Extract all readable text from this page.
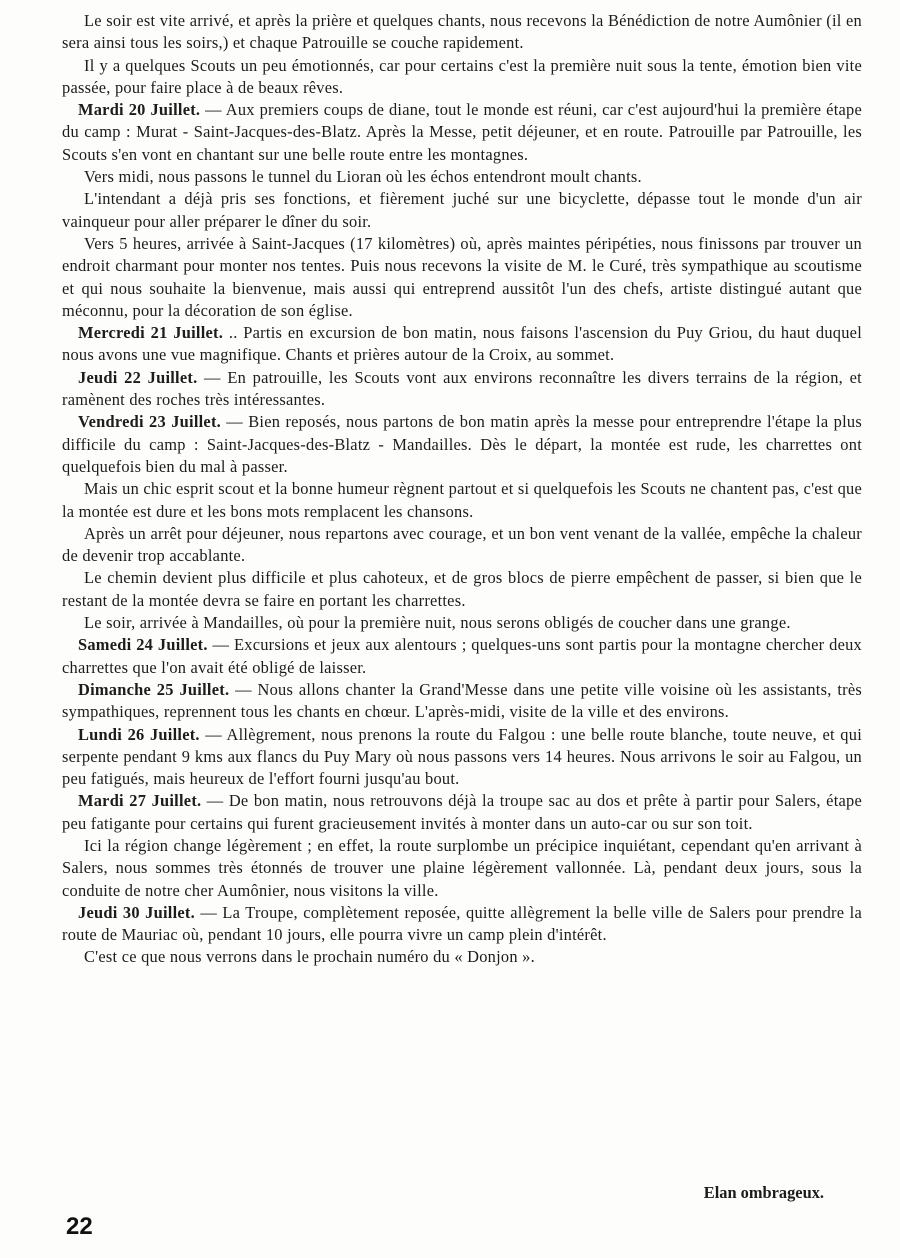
Le soir est vite arrivé, et après la prière et quelques chants, nous recevons la Bénédiction de notre Aumônier (il en sera ainsi tous les soirs,) et chaque Patrouille se couche rapidement.

Il y a quelques Scouts un peu émotionnés, car pour certains c'est la première nuit sous la tente, émotion bien vite passée, pour faire place à de beaux rêves.

Mardi 20 Juillet. — Aux premiers coups de diane, tout le monde est réuni, car c'est aujourd'hui la première étape du camp : Murat - Saint-Jacques-des-Blatz. Après la Messe, petit déjeuner, et en route. Patrouille par Patrouille, les Scouts s'en vont en chantant sur une belle route entre les montagnes.

Vers midi, nous passons le tunnel du Lioran où les échos entendront moult chants.

L'intendant a déjà pris ses fonctions, et fièrement juché sur une bicyclette, dépasse tout le monde d'un air vainqueur pour aller préparer le dîner du soir.

Vers 5 heures, arrivée à Saint-Jacques (17 kilomètres) où, après maintes péripéties, nous finissons par trouver un endroit charmant pour monter nos tentes. Puis nous recevons la visite de M. le Curé, très sympathique au scoutisme et qui nous souhaite la bienvenue, mais aussi qui entreprend aussitôt l'un des chefs, artiste distingué autant que méconnu, pour la décoration de son église.

Mercredi 21 Juillet. .. Partis en excursion de bon matin, nous faisons l'ascension du Puy Griou, du haut duquel nous avons une vue magnifique. Chants et prières autour de la Croix, au sommet.

Jeudi 22 Juillet. — En patrouille, les Scouts vont aux environs reconnaître les divers terrains de la région, et ramènent des roches très intéressantes.

Vendredi 23 Juillet. — Bien reposés, nous partons de bon matin après la messe pour entreprendre l'étape la plus difficile du camp : Saint-Jacques-des-Blatz - Mandailles. Dès le départ, la montée est rude, les charrettes ont quelquefois bien du mal à passer.

Mais un chic esprit scout et la bonne humeur règnent partout et si quelquefois les Scouts ne chantent pas, c'est que la montée est dure et les bons mots remplacent les chansons.

Après un arrêt pour déjeuner, nous repartons avec courage, et un bon vent venant de la vallée, empêche la chaleur de devenir trop accablante.

Le chemin devient plus difficile et plus cahoteux, et de gros blocs de pierre empêchent de passer, si bien que le restant de la montée devra se faire en portant les charrettes.

Le soir, arrivée à Mandailles, où pour la première nuit, nous serons obligés de coucher dans une grange.

Samedi 24 Juillet. — Excursions et jeux aux alentours ; quelques-uns sont partis pour la montagne chercher deux charrettes que l'on avait été obligé de laisser.

Dimanche 25 Juillet. — Nous allons chanter la Grand'Messe dans une petite ville voisine où les assistants, très sympathiques, reprennent tous les chants en chœur. L'après-midi, visite de la ville et des environs.

Lundi 26 Juillet. — Allègrement, nous prenons la route du Falgou : une belle route blanche, toute neuve, et qui serpente pendant 9 kms aux flancs du Puy Mary où nous passons vers 14 heures. Nous arrivons le soir au Falgou, un peu fatigués, mais heureux de l'effort fourni jusqu'au bout.

Mardi 27 Juillet. — De bon matin, nous retrouvons déjà la troupe sac au dos et prête à partir pour Salers, étape peu fatigante pour certains qui furent gracieusement invités à monter dans un auto-car ou sur son toit.

Ici la région change légèrement ; en effet, la route surplombe un précipice inquiétant, cependant qu'en arrivant à Salers, nous sommes très étonnés de trouver une plaine légèrement vallonnée. Là, pendant deux jours, sous la conduite de notre cher Aumônier, nous visitons la ville.

Jeudi 30 Juillet. — La Troupe, complètement reposée, quitte allègrement la belle ville de Salers pour prendre la route de Mauriac où, pendant 10 jours, elle pourra vivre un camp plein d'intérêt.

C'est ce que nous verrons dans le prochain numéro du « Donjon ».

Elan ombrageux.
22
